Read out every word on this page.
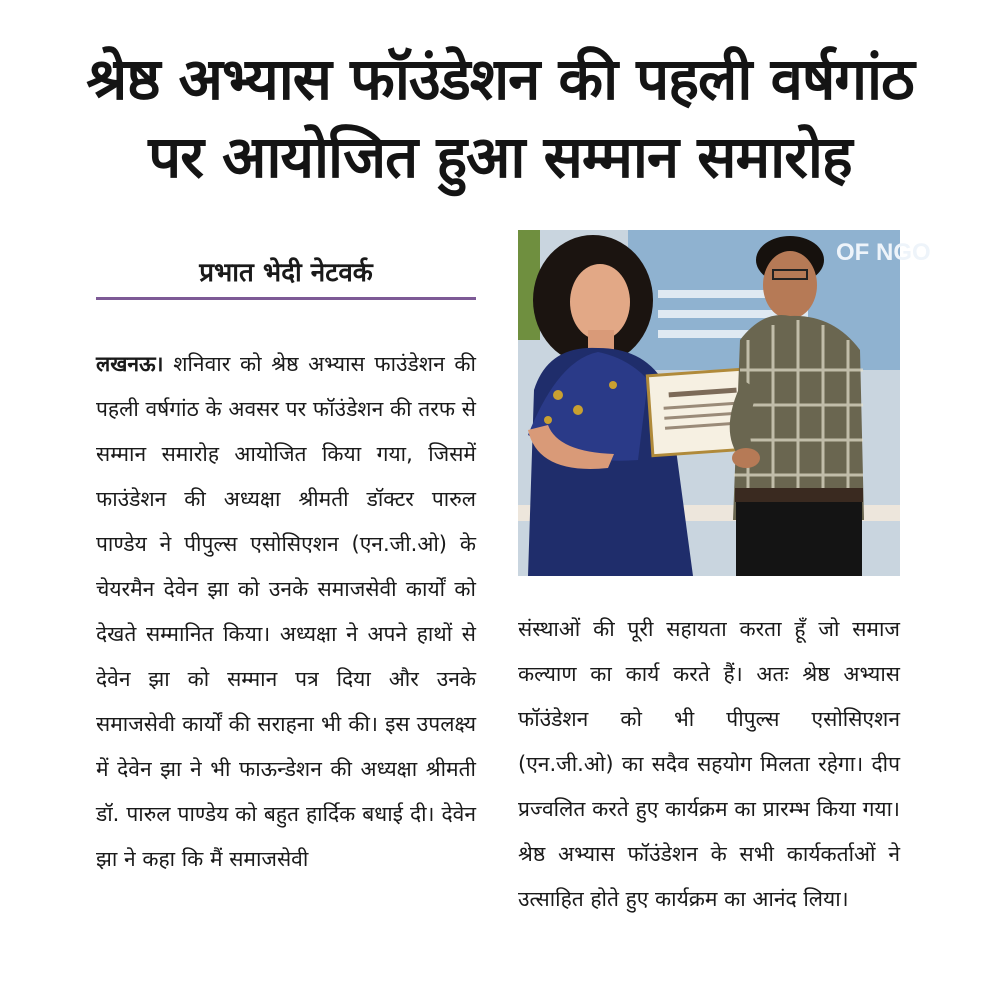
श्रेष्ठ अभ्यास फॉउंडेशन की पहली वर्षगांठ
पर आयोजित हुआ सम्मान समारोह
प्रभात भेदी नेटवर्क
लखनऊ। शनिवार को श्रेष्ठ अभ्यास फाउंडेशन की पहली वर्षगांठ के अवसर पर फॉउंडेशन की तरफ से सम्मान समारोह आयोजित किया गया, जिसमें फाउंडेशन की अध्यक्षा श्रीमती डॉक्टर पारुल पाण्डेय ने पीपुल्स एसोसिएशन (एन.जी.ओ) के चेयरमैन देवेन झा को उनके समाजसेवी कार्यों को देखते सम्मानित किया। अध्यक्षा ने अपने हाथों से देवेन झा को सम्मान पत्र दिया और उनके समाजसेवी कार्यों की सराहना भी की। इस उपलक्ष्य में देवेन झा ने भी फाऊन्डेशन की अध्यक्षा श्रीमती डॉ. पारुल पाण्डेय को बहुत हार्दिक बधाई दी। देवेन झा ने कहा कि मैं समाजसेवी
OF NGO
संस्थाओं की पूरी सहायता करता हूँ जो समाज कल्याण का कार्य करते हैं। अतः श्रेष्ठ अभ्यास फॉउंडेशन को भी पीपुल्स एसोसिएशन (एन.जी.ओ) का सदैव सहयोग मिलता रहेगा। दीप प्रज्वलित करते हुए कार्यक्रम का प्रारम्भ किया गया। श्रेष्ठ अभ्यास फॉउंडेशन के सभी कार्यकर्ताओं ने उत्साहित होते हुए कार्यक्रम का आनंद लिया।
